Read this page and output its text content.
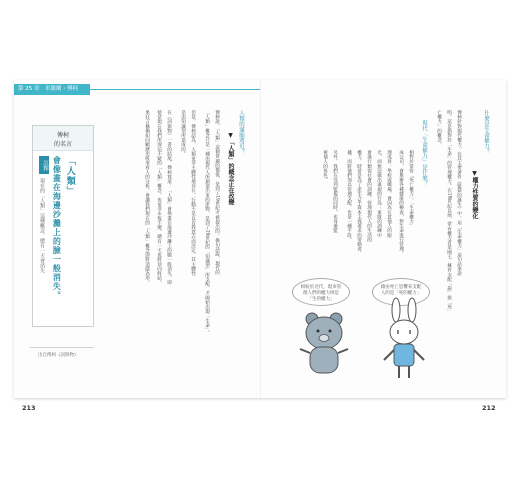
第 25 章　米歇爾・傅柯
傅柯
的名言
「人類」
會像畫在海邊沙灘上的臉一般消失。
註釋
現在的「人類」這種概念，總有一天會消失
出自傅柯《詞與物》
人類的滿願將近？
▼「人類」的概念正在改變
傅柯說，「人類」這個普遍的價值，是到了19世紀才被提出的。換句話說，現代的
「人類」概念只是一種由現代人所創造出來的產物，是到了19世紀的「知識型」所支配，才開始出現「生命」。
但是，傅柯認為，人類並非主體性地存在，行動不是以自我意志而決定，其主體性
是由知識型所造成的。
在《詞與物》一書的結尾，傅柯寫道：「人類」會像畫在海邊沙灘上的臉一般消失，即
使是現在我們所深信不疑的「人類」概念，也並非永恆不變，總有一天也將迎向終結。
果狂言稱猶如回顧歷史般來看人的分析。會讓我們現在的「人類」概念即將消隱為形。
213
什麼是生命權力？
▼權力性質的變化
傅柯針對現代權力，在其主要著作《監獄的誕生》中，用「生命權力」這句話來說
明。這是指對於「生命」的管理權力。在18世紀以前，掌有權力者是國王，擁有支配「殺」與「死」
亡權力」的概念。
相對於掌管「死亡權力」，「生命權力」
成公司，會舉辦各種健康的檢查，對生命進行管理。	現代「生命權力」是什麼？
理成員：學校或職場，會因為在意他人的眼
光，而無法做出違規的行為；軍隊的訓練中
會進行類似社會的訓練，管理現代人的生活的
權力，時常是為了產生合乎資本主義要求的勞動者，
據，而將他們加以管理支配，也是一種手段。
另外，我們在受到監視的同時，也身兼監
視他人的角色。
相較於近代，現來管理人們的權力則是「生的權力」
藉由死亡恐懼來支配人的是「死的權力」
212
